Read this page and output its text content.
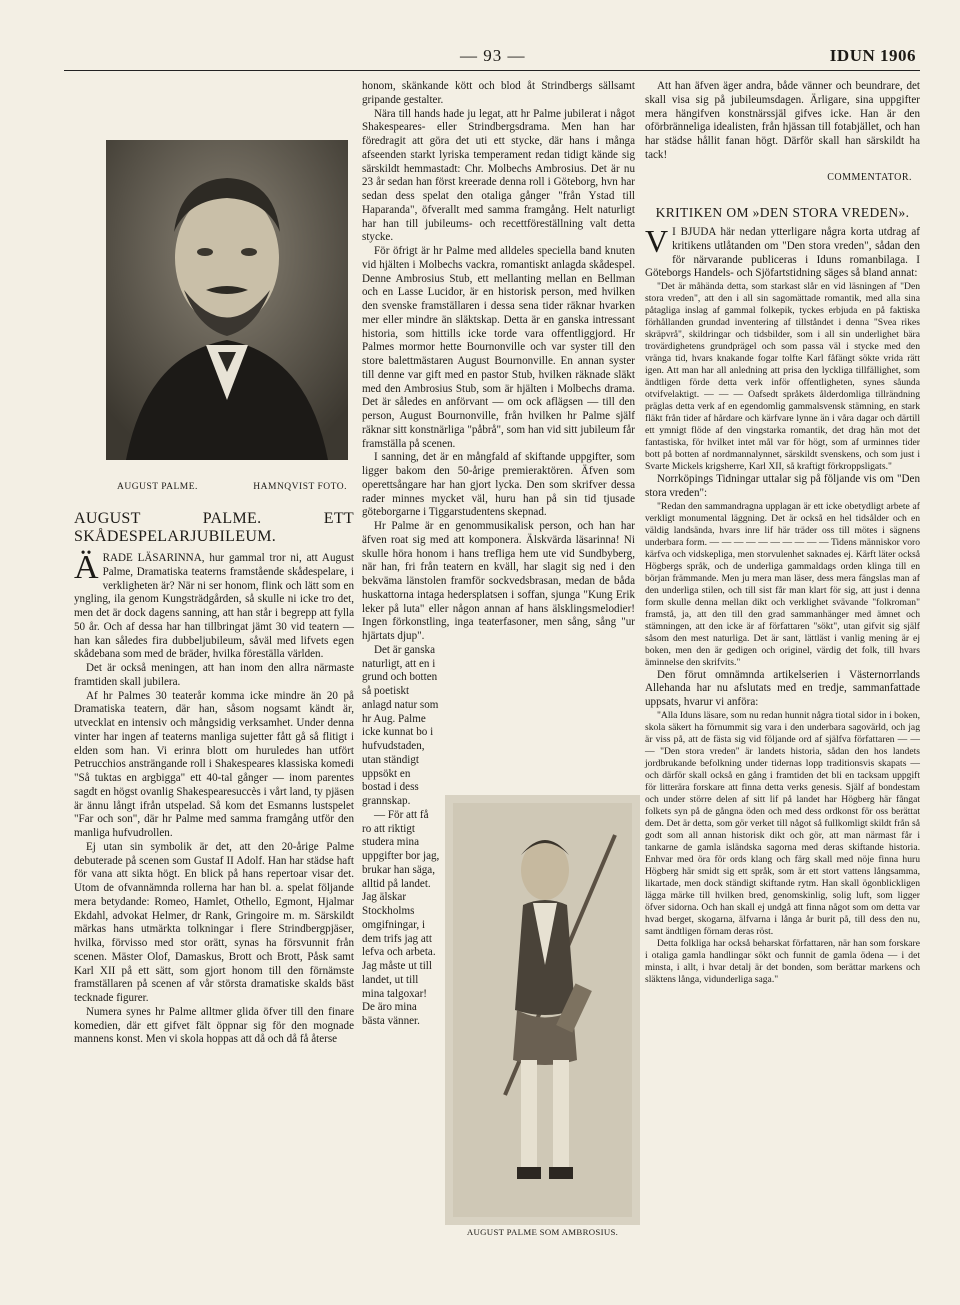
— 93 —	IDUN 1906
AUGUST PALME.	HAMNQVIST FOTO.
AUGUST PALME. ETT SKÅDESPELARJUBILEUM.

ÄRADE LÄSARINNA, hur gammal tror ni, att August Palme, Dramatiska teaterns framstående skådespelare, i verkligheten är? När ni ser honom, flink och lätt som en yngling, ila genom Kungsträdgården, så skulle ni icke tro det, men det är dock dagens sanning, att han står i begrepp att fylla 50 år. Och af dessa har han tillbringat jämt 30 vid teatern — han kan således fira dubbeljubileum, såväl med lifvets egen skådebana som med de bräder, hvilka föreställa världen.

Det är också meningen, att han inom den allra närmaste framtiden skall jubilera.

Af hr Palmes 30 teaterår komma icke mindre än 20 på Dramatiska teatern, där han, såsom nogsamt kändt är, utvecklat en intensiv och mångsidig verksamhet. Under denna vinter har ingen af teaterns manliga sujetter fått gå så flitigt i elden som han. Vi erinra blott om huruledes han utfört Petrucchios ansträngande roll i Shakespeares klassiska komedi "Så tuktas en argbigga" ett 40-tal gånger — inom parentes sagdt en högst ovanlig Shakespearesuccès i vårt land, ty pjäsen är ännu långt ifrån utspelad. Så kom det Esmanns lustspelet "Far och son", där hr Palme med samma framgång utför den manliga hufvudrollen.

Ej utan sin symbolik är det, att den 20-årige Palme debuterade på scenen som Gustaf II Adolf. Han har städse haft för vana att sikta högt. En blick på hans repertoar visar det. Utom de ofvannämnda rollerna har han bl. a. spelat följande mera betydande: Romeo, Hamlet, Othello, Egmont, Hjalmar Ekdahl, advokat Helmer, dr Rank, Gringoire m. m. Särskildt märkas hans utmärkta tolkningar i flere Strindbergpjäser, hvilka, förvisso med stor orätt, synas ha försvunnit från scenen. Mäster Olof, Damaskus, Brott och Brott, Påsk samt Karl XII på ett sätt, som gjort honom till den förnämste framställaren på scenen af vår största dramatiske skalds bäst tecknade figurer.

Numera synes hr Palme alltmer glida öfver till den finare komedien, där ett gifvet fält öppnar sig för den mognade mannens konst. Men vi skola hoppas att då och då få återse

honom, skänkande kött och blod åt Strindbergs sällsamt gripande gestalter.

Nära till hands hade ju legat, att hr Palme jubilerat i något Shakespeares- eller Strindbergsdrama. Men han har föredragit att göra det uti ett stycke, där hans i många afseenden starkt lyriska temperament redan tidigt kände sig särskildt hemmastadt: Chr. Molbechs Ambrosius. Det är nu 23 år sedan han först kreerade denna roll i Göteborg, hvn har sedan dess spelat den otaliga gånger "från Ystad till Haparanda", öfverallt med samma framgång. Helt naturligt har han till jubileums- och recettföreställning valt detta stycke.

För öfrigt är hr Palme med alldeles speciella band knuten vid hjälten i Molbechs vackra, romantiskt anlagda skådespel. Denne Ambrosius Stub, ett mellanting mellan en Bellman och en Lasse Lucidor, är en historisk person, med hvilken den svenske framställaren i dessa sena tider räknar hvarken mer eller mindre än släktskap. Detta är en ganska intressant historia, som hittills icke torde vara offentliggjord. Hr Palmes mormor hette Bournonville och var syster till den store balettmästaren August Bournonville. En annan syster till denne var gift med en pastor Stub, hvilken räknade släkt med den Ambrosius Stub, som är hjälten i Molbechs drama. Det är således en anförvant — om ock aflägsen — till den person, August Bournonville, från hvilken hr Palme själf räknar sitt konstnärliga "påbrå", som han vid sitt jubileum får framställa på scenen.

I sanning, det är en mångfald af skiftande uppgifter, som ligger bakom den 50-årige premieraktören. Äfven som operettsångare har han gjort lycka. Den som skrifver dessa rader minnes mycket väl, huru han på sin tid tjusade göteborgarne i Tiggarstudentens skepnad.

Hr Palme är en genommusikalisk person, och han har äfven roat sig med att komponera. Älskvärda läsarinna! Ni skulle höra honom i hans trefliga hem ute vid Sundbyberg, när han, fri från teatern en kväll, har slagit sig ned i den bekväma länstolen framför sockvedsbrasan, medan de båda huskattorna intaga hedersplatsen i soffan, sjunga "Kung Erik leker på luta" eller någon annan af hans älsklingsmelodier! Ingen förkonstling, inga teaterfasoner, men sång, sång "ur hjärtats djup".

Det är ganska naturligt, att en i grund och botten så poetiskt anlagd natur som hr Aug. Palme icke kunnat bo i hufvudstaden, utan ständigt uppsökt en bostad i dess grannskap.

— För att få ro att riktigt studera mina uppgifter bor jag, brukar han säga, alltid på landet. Jag älskar Stockholms omgifningar, i dem trifs jag att lefva och arbeta. Jag måste ut till landet, ut till mina talgoxar! De äro mina bästa vänner.

AUGUST PALME SOM AMBROSIUS.

Att han äfven äger andra, både vänner och beundrare, det skall visa sig på jubileumsdagen. Ärligare, sina uppgifter mera hängifven konstnärssjäl gifves icke. Han är den oförbränneliga idealisten, från hjässan till fotabjället, och han har städse hållit fanan högt. Därför skall han särskildt ha tack!

COMMENTATOR.
KRITIKEN OM »DEN STORA VREDEN».

V I BJUDA här nedan ytterligare några korta utdrag af kritikens utlåtanden om "Den stora vreden", sådan den för närvarande publiceras i Iduns romanbilaga. I Göteborgs Handels- och Sjöfartstidning säges så bland annat:

"Det är måhända detta, som starkast slår en vid läsningen af "Den stora vreden", att den i all sin sagomättade romantik, med alla sina påtagliga inslag af gammal folkepik, tyckes erbjuda en på faktiska förhållanden grundad inventering af tillståndet i denna "Svea rikes skräpvrå", skildringar och tidsbilder, som i all sin underlighet bära trovärdighetens grundprägel och som passa väl i stycke med den vränga tid, hvars knakande fogar tolfte Karl fåfängt sökte vrida rätt igen. Att man har all anledning att prisa den lyckliga tillfällighet, som ändtligen förde detta verk inför offentligheten, synes såunda otvifvelaktigt. — — — Oafsedt språkets ålderdomliga tillrändning präglas detta verk af en egendomlig gammalsvensk stämning, en stark fläkt från tider af hårdare och kärfvare lynne än i våra dagar och därtill ett ymnigt flöde af den vingstarka romantik, det drag hän mot det fantastiska, för hvilket intet mål var för högt, som af urminnes tider bott på botten af nordmannalynnet, särskildt svenskens, och som just i Svarte Mickels krigsherre, Karl XII, så kraftigt förkroppsligats."

Norrköpings Tidningar uttalar sig på följande vis om "Den stora vreden":

"Redan den sammandragna upplagan är ett icke obetydligt arbete af verkligt monumental läggning. Det är också en hel tidsålder och en väldig landsända, hvars inre lif här träder oss till mötes i sägnens underbara form. — — — — — — — — — — Tidens människor voro kärfva och vidskepliga, men storvulenhet saknades ej. Kärft läter också Högbergs språk, och de underliga gammaldags orden klinga till en början främmande. Men ju mera man läser, dess mera fängslas man af den underliga stilen, och till sist får man klart för sig, att just i denna form skulle denna mellan dikt och verklighet svävande "folkroman" framstå, ja, att den till den grad sammanhänger med ämnet och stämningen, att den icke är af författaren "sökt", utan gifvit sig själf såsom den mest naturliga. Det är sant, lättläst i vanlig mening är ej boken, men den är gedigen och originel, värdig det folk, till hvars äminnelse den skrifvits."

Den förut omnämnda artikelserien i Västernorrlands Allehanda har nu afslutats med en tredje, sammanfattade uppsats, hvarur vi anföra:

"Alla Iduns läsare, som nu redan hunnit några tiotal sidor in i boken, skola säkert ha förnummit sig vara i den underbara sagovärld, och jag är viss på, att de fästa sig vid följande ord af själfva författaren — — — "Den stora vreden" är landets historia, sådan den hos landets jordbrukande befolkning under tidernas lopp traditionsvis skapats — och därför skall också en gång i framtiden det bli en tacksam uppgift för litterära forskare att finna detta verks genesis. Själf af bondestam och under större delen af sitt lif på landet har Högberg här fångat folkets syn på de gångna öden och med dess ordkonst för oss berättat dem. Det är detta, som gör verket till något så fullkomligt skildt från så godt som all annan historisk dikt och gör, att man närmast får i tankarne de gamla isländska sagorna med deras skiftande historia. Enhvar med öra för ords klang och färg skall med nöje finna huru Högberg här smidt sig ett språk, som är ett stort vattens långsamma, likartade, men dock ständigt skiftande rytm. Han skall ögonblickligen lägga märke till hvilken bred, genomskinlig, solig luft, som ligger öfver sidorna. Och han skall ej undgå att finna något som om detta var hvad berget, skogarna, älfvarna i långa år burit på, till dess den nu, samt ändtligen förnam deras röst.

Detta folkliga har också beharskat författaren, när han som forskare i otaliga gamla handlingar sökt och funnit de gamla ödena — i det minsta, i allt, i hvar detalj är det bonden, som berättar markens och släktens långa, vidunderliga saga."
